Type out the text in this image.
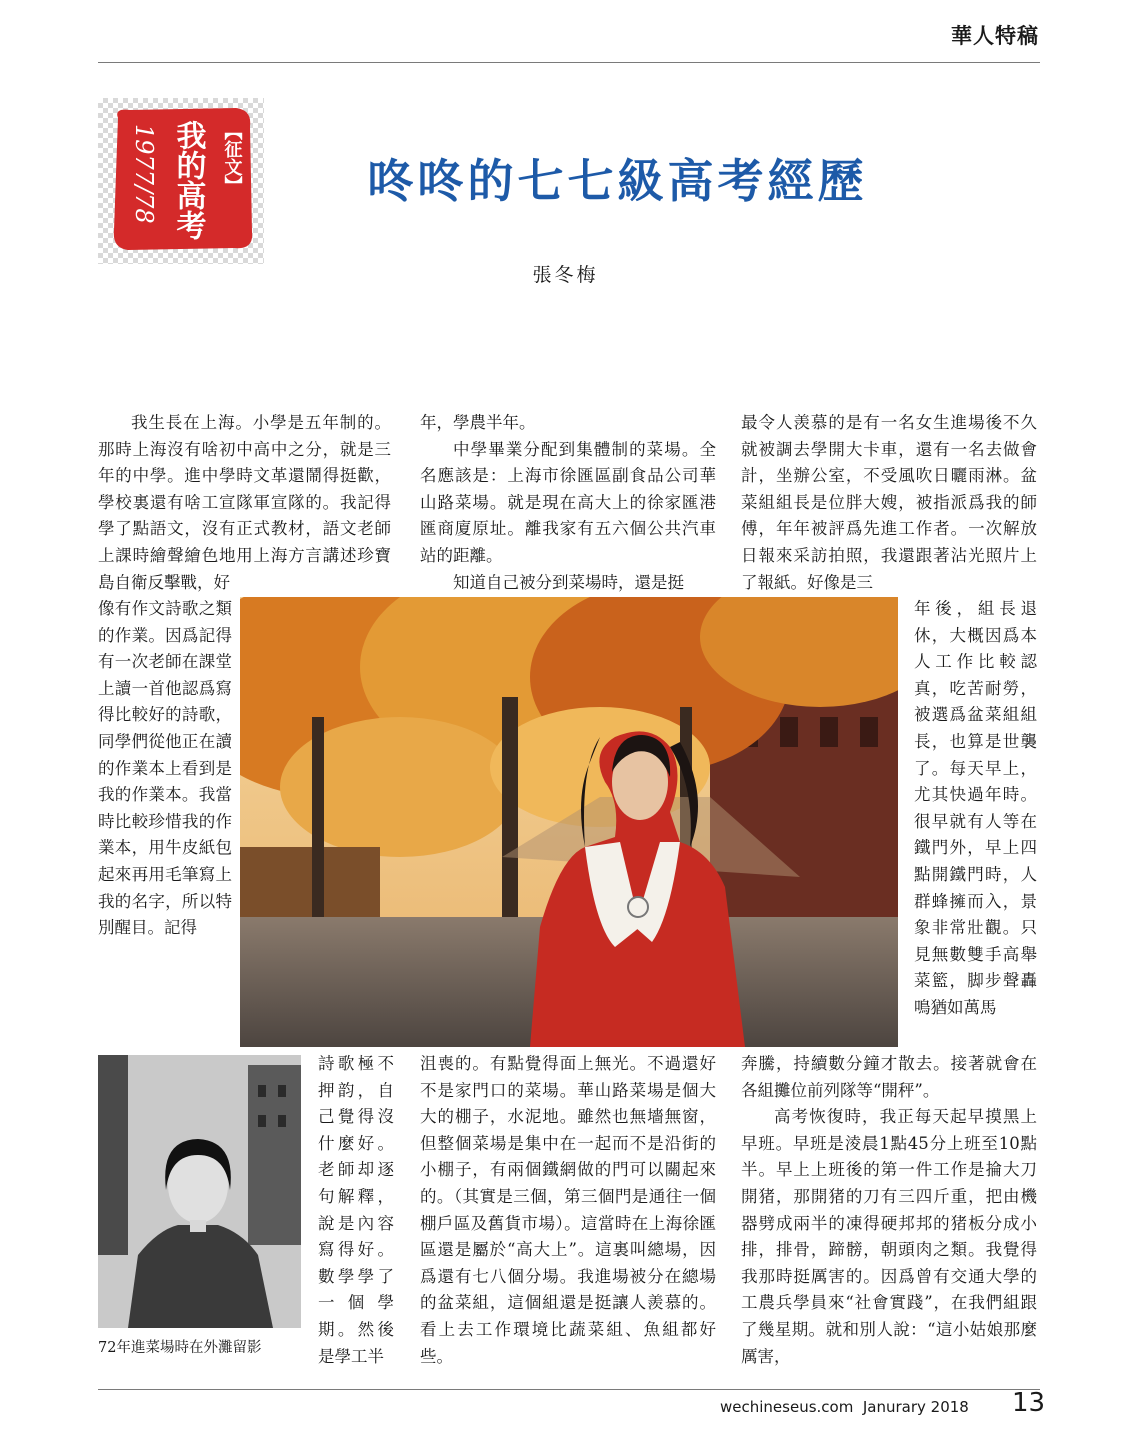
華人特稿
【征文】
我的高考
1977/78	咚咚的七七級高考經歷
張冬梅

我生長在上海。小學是五年制的。那時上海沒有啥初中高中之分，就是三年的中學。進中學時文革還鬧得挺歡，學校裏還有啥工宣隊軍宣隊的。我記得學了點語文，沒有正式教材，語文老師上課時繪聲繪色地用上海方言講述珍寶島自衛反擊戰，好

像有作文詩歌之類的作業。因爲記得有一次老師在課堂上讀一首他認爲寫得比較好的詩歌，同學們從他正在讀的作業本上看到是我的作業本。我當時比較珍惜我的作業本，用牛皮紙包起來再用毛筆寫上我的名字，所以特別醒目。記得

詩歌極不押韵，自己覺得沒什麼好。老師却逐句解釋，說是內容寫得好。數學學了一個學期。然後是學工半

年，學農半年。

中學畢業分配到集體制的菜場。全名應該是：上海市徐匯區副食品公司華山路菜場。就是現在高大上的徐家匯港匯商廈原址。離我家有五六個公共汽車站的距離。

知道自己被分到菜場時，還是挺

沮喪的。有點覺得面上無光。不過還好不是家門口的菜場。華山路菜場是個大大的棚子，水泥地。雖然也無墻無窗，但整個菜場是集中在一起而不是沿街的小棚子，有兩個鐵網做的門可以關起來的。（其實是三個，第三個門是通往一個棚戶區及舊貨市場）。這當時在上海徐匯區還是屬於“高大上”。這裏叫總場，因爲還有七八個分場。我進場被分在總場的盆菜組，這個組還是挺讓人羨慕的。看上去工作環境比蔬菜組、魚組都好些。

最令人羡慕的是有一名女生進場後不久就被調去學開大卡車，還有一名去做會計，坐辦公室，不受風吹日曬雨淋。盆菜組組長是位胖大嫂，被指派爲我的師傅，年年被評爲先進工作者。一次解放日報來采訪拍照，我還跟著沾光照片上了報紙。好像是三

年後，組長退休，大概因爲本人工作比較認真，吃苦耐勞，被選爲盆菜組組長，也算是世襲了。每天早上，尤其快過年時。很早就有人等在鐵門外，早上四點開鐵門時，人群蜂擁而入，景象非常壯觀。只見無數雙手高舉菜籃，脚步聲轟鳴猶如萬馬

奔騰，持續數分鐘才散去。接著就會在各組攤位前列隊等“開秤”。

高考恢復時，我正每天起早摸黑上早班。早班是淩晨1點45分上班至10點半。早上上班後的第一件工作是掄大刀開猪，那開猪的刀有三四斤重，把由機器劈成兩半的凍得硬邦邦的猪板分成小排，排骨，蹄髈，朝頭肉之類。我覺得我那時挺厲害的。因爲曾有交通大學的工農兵學員來“社會實踐”，在我們組跟了幾星期。就和別人說：“這小姑娘那麼厲害，

72年進菜場時在外灘留影
wechineseus.com Janurary 2018 13
